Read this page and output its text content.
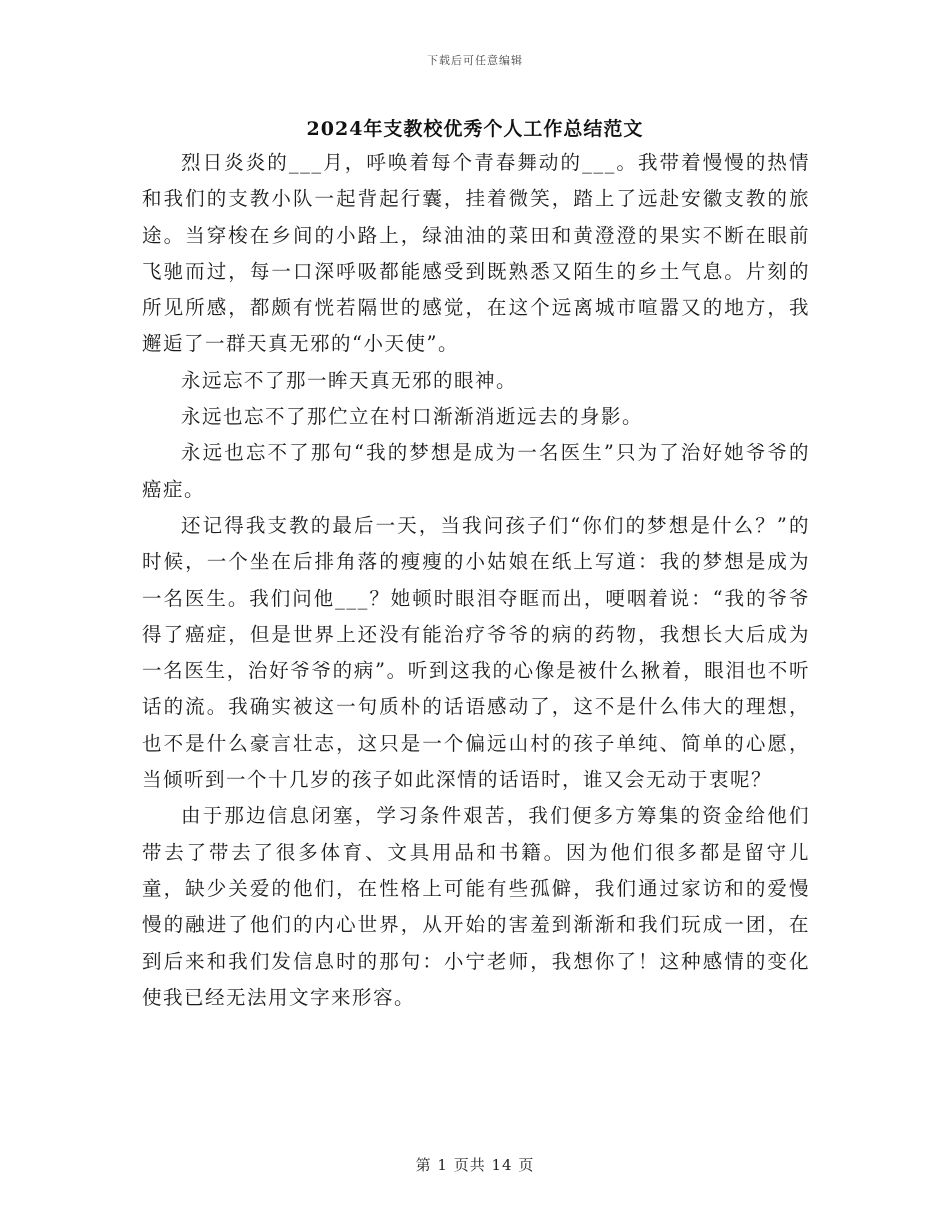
下载后可任意编辑
2024年支教校优秀个人工作总结范文

烈日炎炎的___月，呼唤着每个青春舞动的___。我带着慢慢的热情和我们的支教小队一起背起行囊，挂着微笑，踏上了远赴安徽支教的旅途。当穿梭在乡间的小路上，绿油油的菜田和黄澄澄的果实不断在眼前飞驰而过，每一口深呼吸都能感受到既熟悉又陌生的乡土气息。片刻的所见所感，都颇有恍若隔世的感觉，在这个远离城市喧嚣又的地方，我邂逅了一群天真无邪的“小天使”。

永远忘不了那一眸天真无邪的眼神。

永远也忘不了那伫立在村口渐渐消逝远去的身影。

永远也忘不了那句“我的梦想是成为一名医生”只为了治好她爷爷的癌症。

还记得我支教的最后一天，当我问孩子们“你们的梦想是什么？”的时候，一个坐在后排角落的瘦瘦的小姑娘在纸上写道：我的梦想是成为一名医生。我们问他___？她顿时眼泪夺眶而出，哽咽着说：“我的爷爷得了癌症，但是世界上还没有能治疗爷爷的病的药物，我想长大后成为一名医生，治好爷爷的病”。听到这我的心像是被什么揪着，眼泪也不听话的流。我确实被这一句质朴的话语感动了，这不是什么伟大的理想，也不是什么豪言壮志，这只是一个偏远山村的孩子单纯、简单的心愿，当倾听到一个十几岁的孩子如此深情的话语时，谁又会无动于衷呢？

由于那边信息闭塞，学习条件艰苦，我们便多方筹集的资金给他们带去了带去了很多体育、文具用品和书籍。因为他们很多都是留守儿童，缺少关爱的他们，在性格上可能有些孤僻，我们通过家访和的爱慢慢的融进了他们的内心世界，从开始的害羞到渐渐和我们玩成一团，在到后来和我们发信息时的那句：小宁老师，我想你了！这种感情的变化使我已经无法用文字来形容。

第 1 页共 14 页
